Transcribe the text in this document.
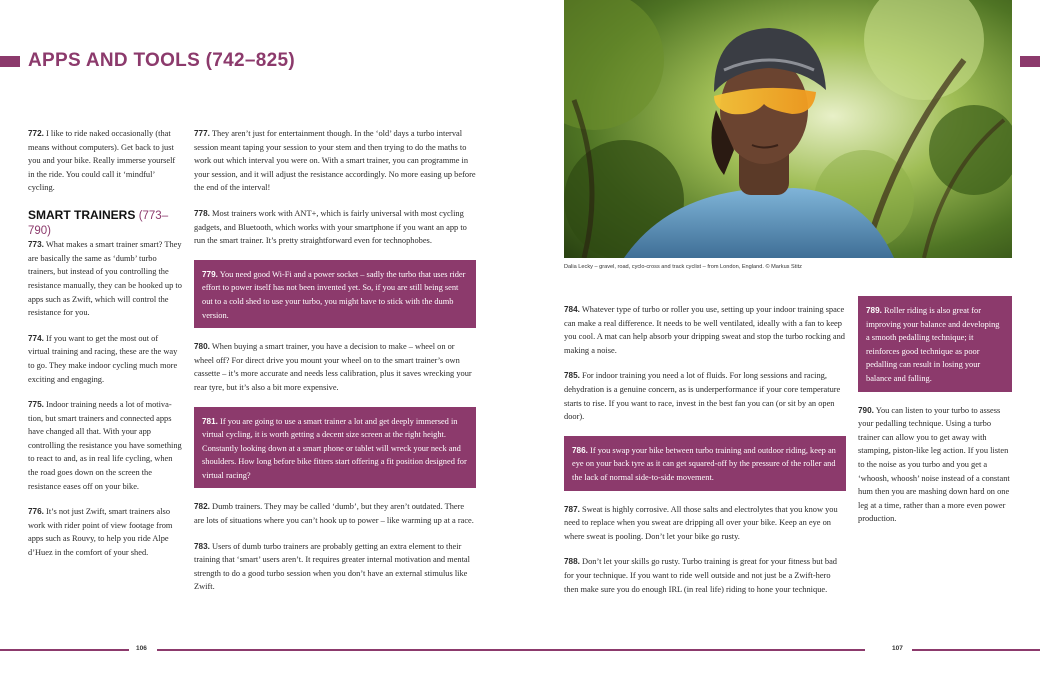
APPS AND TOOLS (742–825)

772. I like to ride naked occasionally (that means without computers). Get back to just you and your bike. Really immerse yourself in the ride. You could call it ‘mindful’ cycling.

SMART TRAINERS (773–790)

773. What makes a smart trainer smart? They are basically the same as ‘dumb’ turbo trainers, but instead of you controlling the resistance manually, they can be hooked up to apps such as Zwift, which will control the resistance for you.

774. If you want to get the most out of virtual training and racing, these are the way to go. They make indoor cycling much more exciting and engaging.

775. Indoor training needs a lot of motivation, but smart trainers and connected apps have changed all that. With your app controlling the resistance you have something to react to and, as in real life cycling, when the road goes down on the screen the resistance eases off on your bike.

776. It’s not just Zwift, smart trainers also work with rider point of view footage from apps such as Rouvy, to help you ride Alpe d’Huez in the comfort of your shed.

777. They aren’t just for entertainment though. In the ‘old’ days a turbo interval session meant taping your session to your stem and then trying to do the maths to work out which interval you were on. With a smart trainer, you can programme in your session, and it will adjust the resistance accordingly. No more easing up before the end of the interval!

778. Most trainers work with ANT+, which is fairly universal with most cycling gadgets, and Bluetooth, which works with your smartphone if you want an app to run the smart trainer. It’s pretty straightforward even for technophobes.

779. You need good Wi-Fi and a power socket – sadly the turbo that uses rider effort to power itself has not been invented yet. So, if you are still being sent out to a cold shed to use your turbo, you might have to stick with the dumb version.

780. When buying a smart trainer, you have a decision to make – wheel on or wheel off? For direct drive you mount your wheel on to the smart trainer’s own cassette – it’s more accurate and needs less calibration, plus it saves wrecking your rear tyre, but it’s also a bit more expensive.

781. If you are going to use a smart trainer a lot and get deeply immersed in virtual cycling, it is worth getting a decent size screen at the right height. Constantly looking down at a smart phone or tablet will wreck your neck and shoulders. How long before bike fitters start offering a fit position designed for virtual racing?

782. Dumb trainers. They may be called ‘dumb’, but they aren’t outdated. There are lots of situations where you can’t hook up to power – like warming up at a race.

783. Users of dumb turbo trainers are probably getting an extra element to their training that ‘smart’ users aren’t. It requires greater internal motivation and mental strength to do a good turbo session when you don’t have an external stimulus like Zwift.

106

Dalia Lecky – gravel, road, cyclo-cross and track cyclist – from London, England. © Markus Stitz

784. Whatever type of turbo or roller you use, setting up your indoor training space can make a real difference. It needs to be well ventilated, ideally with a fan to keep you cool. A mat can help absorb your dripping sweat and stop the turbo rocking and making a noise.

785. For indoor training you need a lot of fluids. For long sessions and racing, dehydration is a genuine concern, as is underperformance if your core temperature starts to rise. If you want to race, invest in the best fan you can (or sit by an open door).

786. If you swap your bike between turbo training and outdoor riding, keep an eye on your back tyre as it can get squared-off by the pressure of the roller and the lack of normal side-to-side movement.

787. Sweat is highly corrosive. All those salts and electrolytes that you know you need to replace when you sweat are dripping all over your bike. Keep an eye on where sweat is pooling. Don’t let your bike go rusty.

788. Don’t let your skills go rusty. Turbo training is great for your fitness but bad for your technique. If you want to ride well outside and not just be a Zwift-hero then make sure you do enough IRL (in real life) riding to hone your technique.

789. Roller riding is also great for improving your balance and developing a smooth pedalling technique; it reinforces good technique as poor pedalling can result in losing your balance and falling.

790. You can listen to your turbo to assess your pedalling technique. Using a turbo trainer can allow you to get away with stamping, piston-like leg action. If you listen to the noise as you turbo and you get a ‘whoosh, whoosh’ noise instead of a constant hum then you are mashing down hard on one leg at a time, rather than a more even power production.

107
